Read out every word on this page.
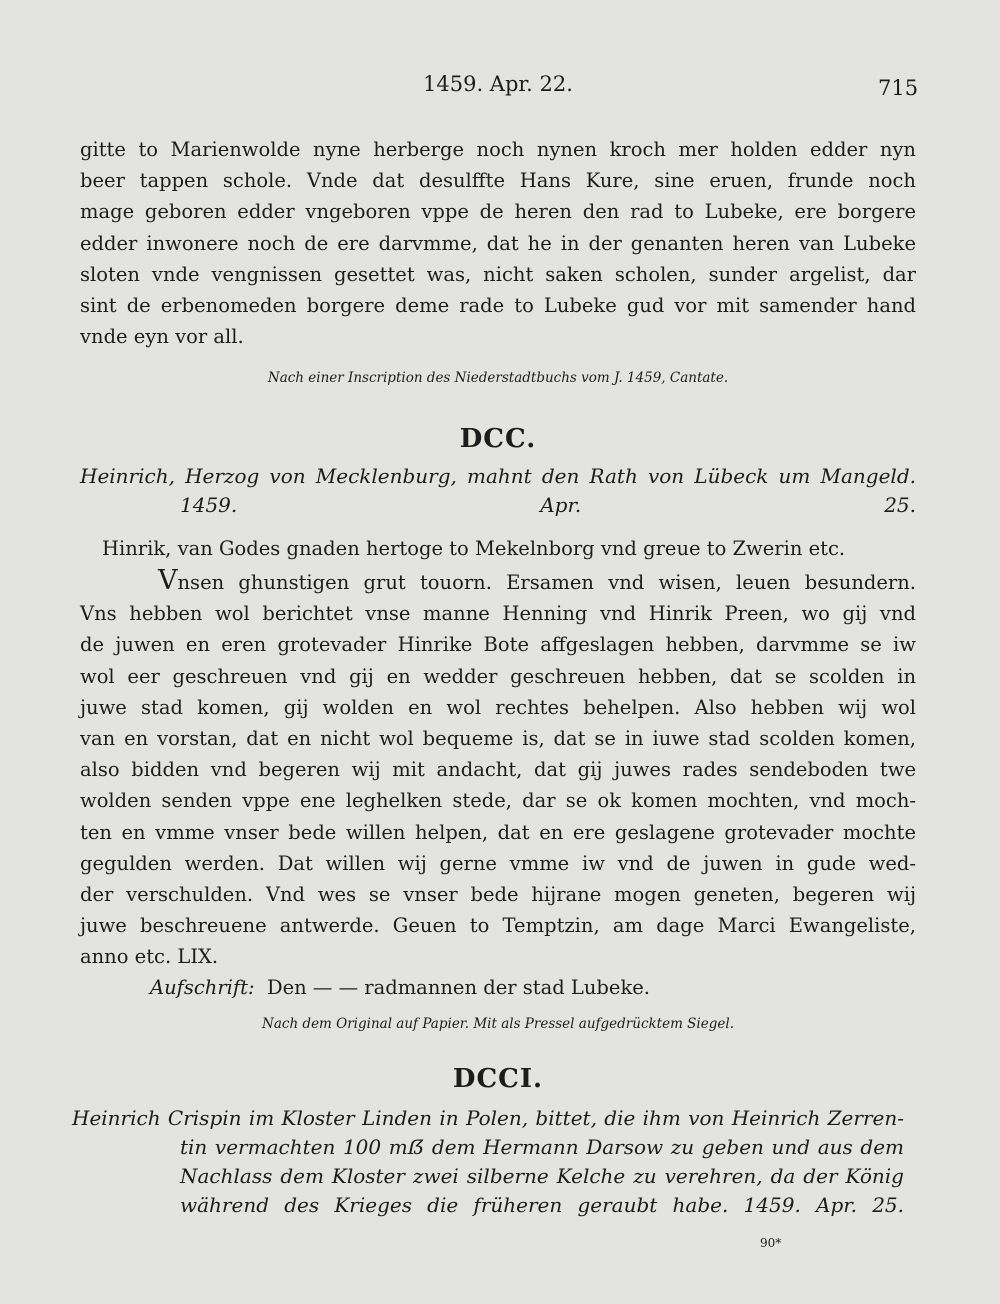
1459. Apr. 22.	715
gitte to Marienwolde nyne herberge noch nynen kroch mer holden edder nyn
beer tappen schole. Vnde dat desulffte Hans Kure, sine eruen, frunde noch
mage geboren edder vngeboren vppe de heren den rad to Lubeke, ere borgere
edder inwonere noch de ere darvmme, dat he in der genanten heren van Lubeke
sloten vnde vengnissen gesettet was, nicht saken scholen, sunder argelist, dar
sint de erbenomeden borgere deme rade to Lubeke gud vor mit samender hand
vnde eyn vor all.
Nach einer Inscription des Niederstadtbuchs vom J. 1459, Cantate.
DCC.
Heinrich, Herzog von Mecklenburg, mahnt den Rath von Lübeck um Mangeld.
1459. Apr. 25.
Hinrik, van Godes gnaden hertoge to Mekelnborg vnd greue to Zwerin etc.
Vnsen ghunstigen grut touorn. Ersamen vnd wisen, leuen besundern.
Vns hebben wol berichtet vnse manne Henning vnd Hinrik Preen, wo gij vnd
de juwen en eren grotevader Hinrike Bote affgeslagen hebben, darvmme se iw
wol eer geschreuen vnd gij en wedder geschreuen hebben, dat se scolden in
juwe stad komen, gij wolden en wol rechtes behelpen. Also hebben wij wol
van en vorstan, dat en nicht wol bequeme is, dat se in iuwe stad scolden komen,
also bidden vnd begeren wij mit andacht, dat gij juwes rades sendeboden twe
wolden senden vppe ene leghelken stede, dar se ok komen mochten, vnd moch-
ten en vmme vnser bede willen helpen, dat en ere geslagene grotevader mochte
gegulden werden. Dat willen wij gerne vmme iw vnd de juwen in gude wed-
der verschulden. Vnd wes se vnser bede hijrane mogen geneten, begeren wij
juwe beschreuene antwerde. Geuen to Temptzin, am dage Marci Ewangeliste,
anno etc. LIX.
Aufschrift: Den — — radmannen der stad Lubeke.
Nach dem Original auf Papier. Mit als Pressel aufgedrücktem Siegel.
DCCI.
Heinrich Crispin im Kloster Linden in Polen, bittet, die ihm von Heinrich Zerren-
tin vermachten 100 mẞ dem Hermann Darsow zu geben und aus dem
Nachlass dem Kloster zwei silberne Kelche zu verehren, da der König
während des Krieges die früheren geraubt habe. 1459. Apr. 25.
90*
